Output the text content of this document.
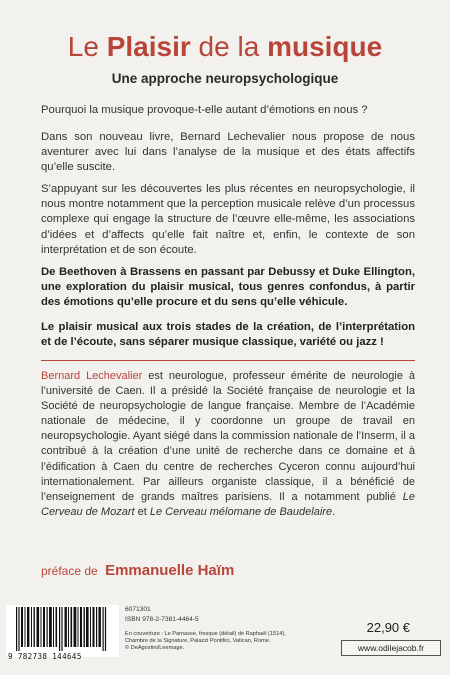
Le Plaisir de la musique
Une approche neuropsychologique
Pourquoi la musique provoque-t-elle autant d’émotions en nous ?
Dans son nouveau livre, Bernard Lechevalier nous propose de nous aventurer avec lui dans l’analyse de la musique et des états affectifs qu’elle suscite.
S’appuyant sur les découvertes les plus récentes en neuropsychologie, il nous montre notamment que la perception musicale relève d’un processus complexe qui engage la structure de l’œuvre elle-même, les associations d’idées et d’affects qu’elle fait naître et, enfin, le contexte de son interprétation et de son écoute.
De Beethoven à Brassens en passant par Debussy et Duke Ellington, une exploration du plaisir musical, tous genres confondus, à partir des émotions qu’elle procure et du sens qu’elle véhicule.
Le plaisir musical aux trois stades de la création, de l’interprétation et de l’écoute, sans séparer musique classique, variété ou jazz !
Bernard Lechevalier est neurologue, professeur émérite de neurologie à l’université de Caen. Il a présidé la Société française de neurologie et la Société de neuropsychologie de langue française. Membre de l’Académie nationale de médecine, il y coordonne un groupe de travail en neuropsychologie. Ayant siégé dans la commission nationale de l’Inserm, il a contribué à la création d’une unité de recherche dans ce domaine et à l’édification à Caen du centre de recherches Cyceron connu aujourd’hui internationalement. Par ailleurs organiste classique, il a bénéficié de l’enseignement de grands maîtres parisiens. Il a notamment publié Le Cerveau de Mozart et Le Cerveau mélomane de Baudelaire.
préface de Emmanuelle Haïm
9 782738 144645
6071301
ISBN 978-2-7381-4464-5
En couverture : Le Parnasse, fresque (détail) de Raphaël (1514),
Chambre de la Signature, Palazzi Pontifici, Vatican, Rome.
© DeAgostini/Leemage.
22,90 €
www.odilejacob.fr
